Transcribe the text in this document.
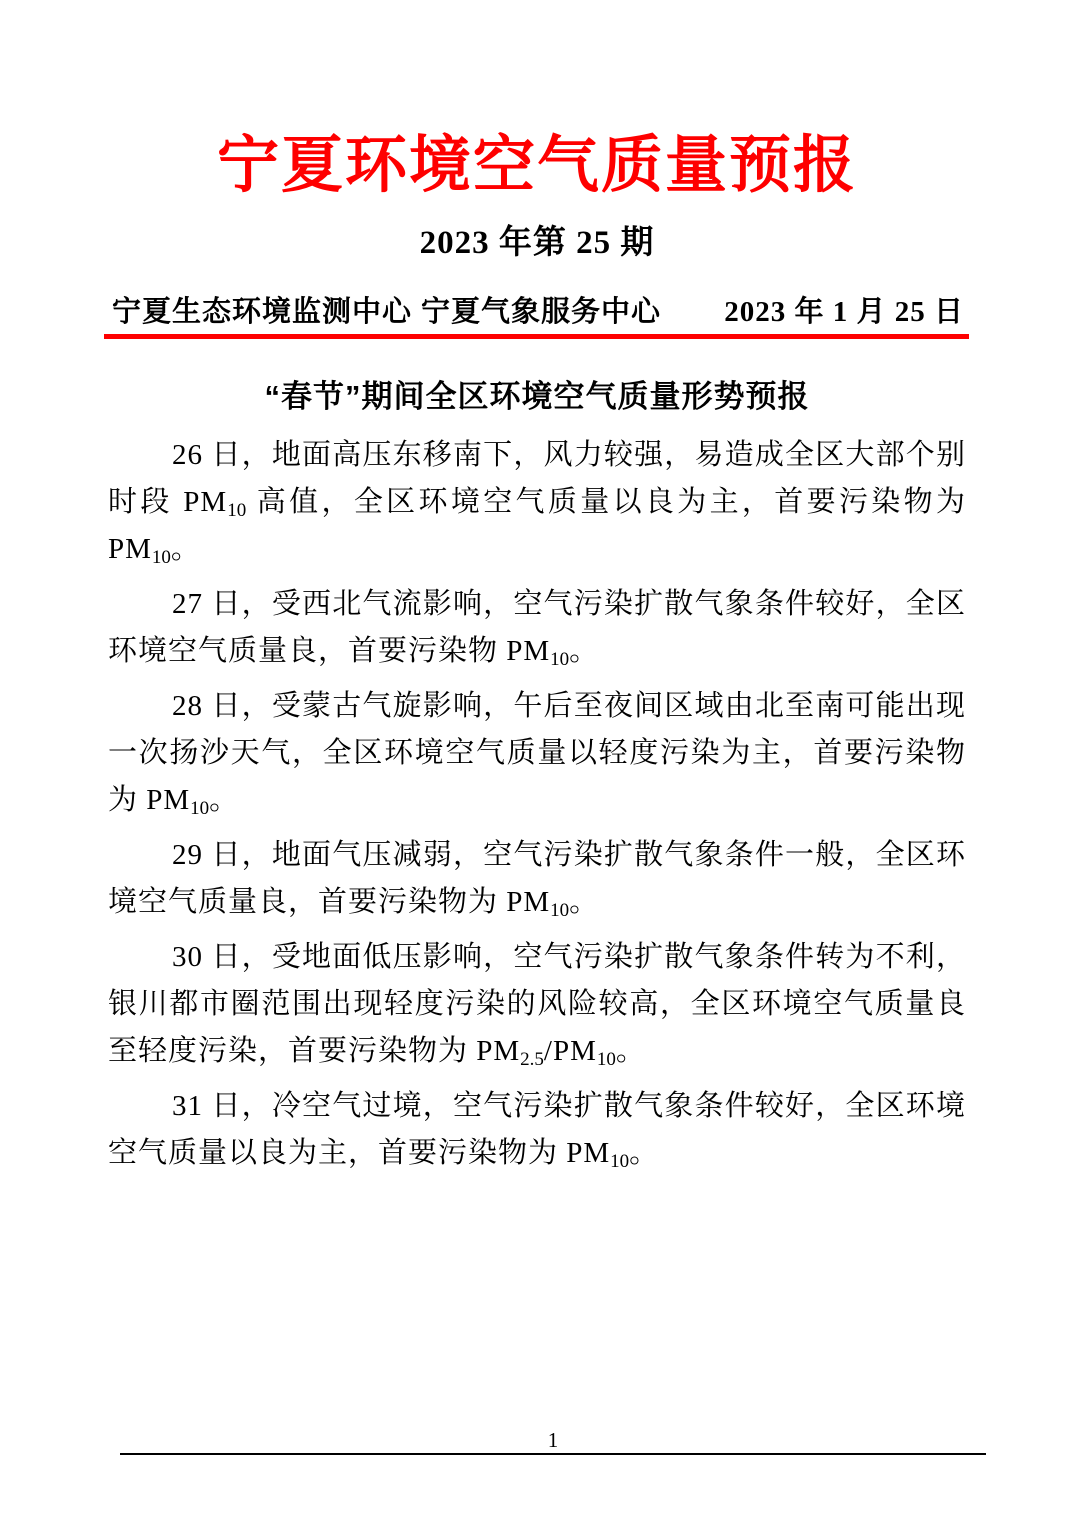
宁夏环境空气质量预报
2023 年第 25 期
宁夏生态环境监测中心 宁夏气象服务中心 2023 年 1 月 25 日
“春节”期间全区环境空气质量形势预报

26 日，地面高压东移南下，风力较强，易造成全区大部个别时段 $PM_{10}$ 高值，全区环境空气质量以良为主，首要污染物为 $PM_{10}$。

27 日，受西北气流影响，空气污染扩散气象条件较好，全区环境空气质量良，首要污染物 $PM_{10}$。

28 日，受蒙古气旋影响，午后至夜间区域由北至南可能出现一次扬沙天气，全区环境空气质量以轻度污染为主，首要污染物为 $PM_{10}$。

29 日，地面气压减弱，空气污染扩散气象条件一般，全区环境空气质量良，首要污染物为 $PM_{10}$。

30 日，受地面低压影响，空气污染扩散气象条件转为不利，银川都市圈范围出现轻度污染的风险较高，全区环境空气质量良至轻度污染，首要污染物为 $PM_{2.5}/PM_{10}$。

31 日，冷空气过境，空气污染扩散气象条件较好，全区环境空气质量以良为主，首要污染物为 $PM_{10}$。

1
